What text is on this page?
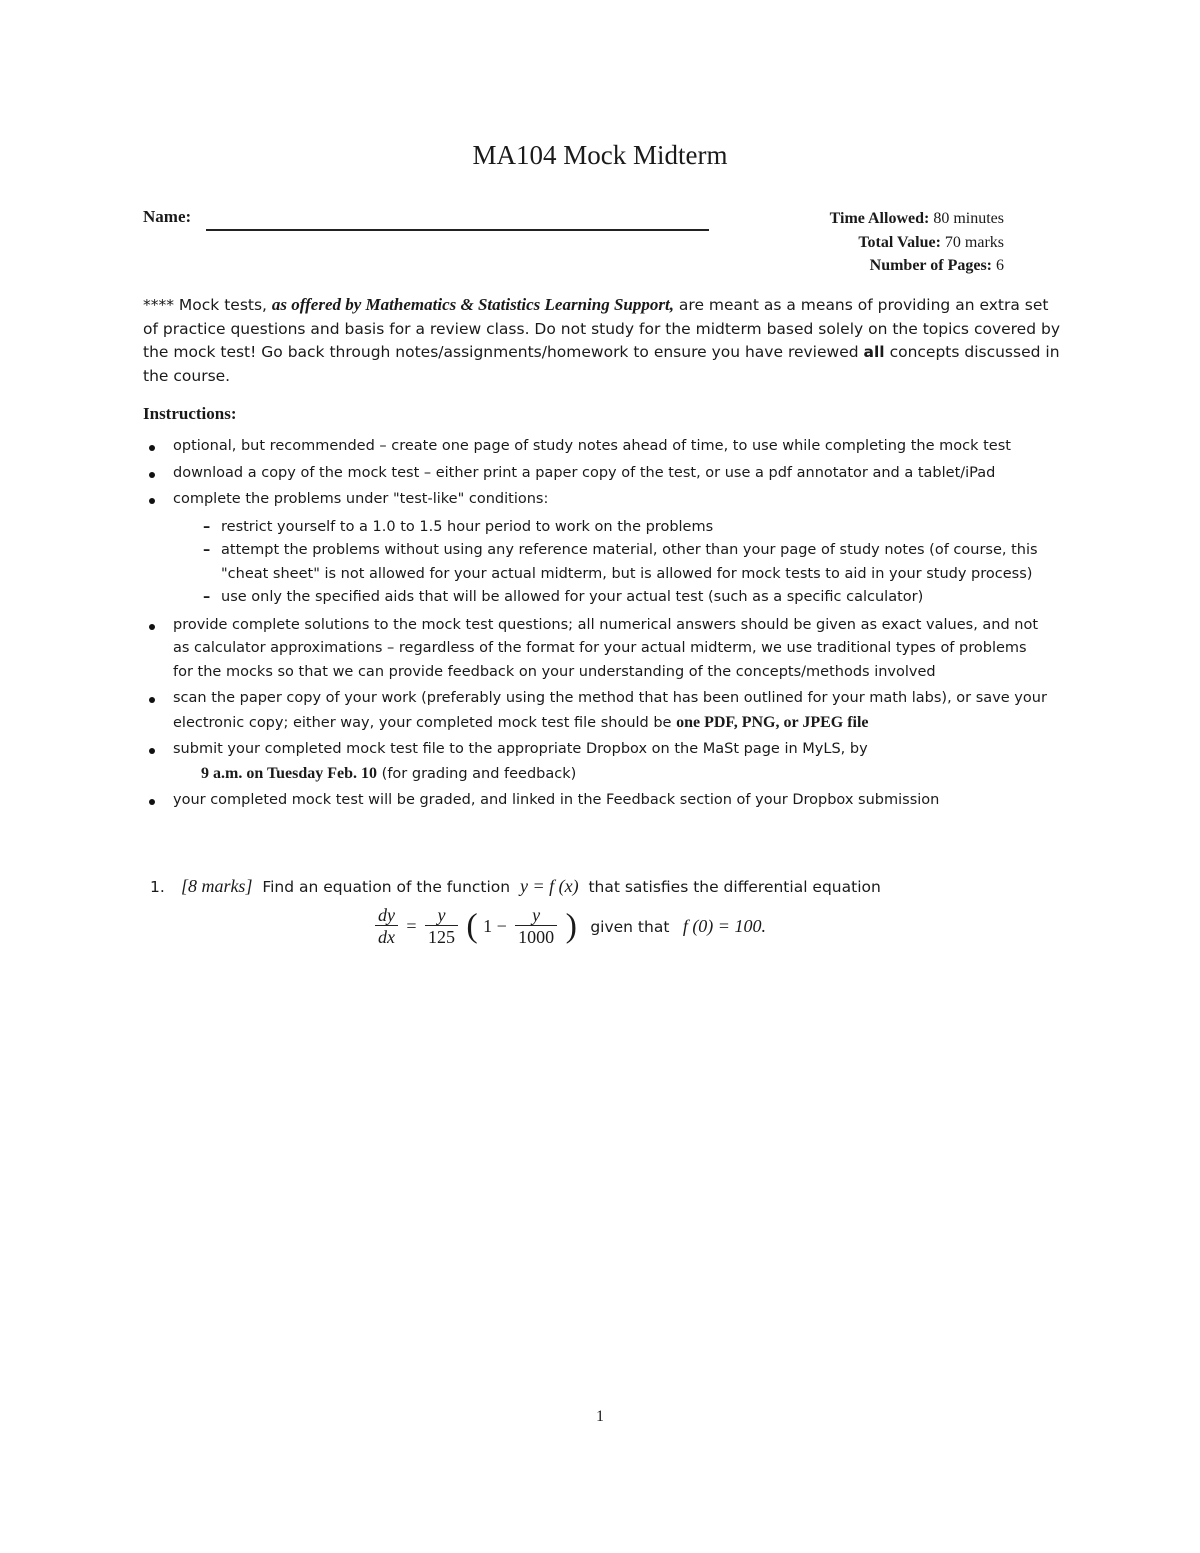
MA104 Mock Midterm
Name:	Time Allowed: 80 minutes
Total Value: 70 marks
Number of Pages: 6
**** Mock tests, as offered by Mathematics & Statistics Learning Support, are meant as a means of providing an extra set of practice questions and basis for a review class. Do not study for the midterm based solely on the topics covered by the mock test! Go back through notes/assignments/homework to ensure you have reviewed all concepts discussed in the course.
Instructions:
optional, but recommended – create one page of study notes ahead of time, to use while completing the mock test
download a copy of the mock test – either print a paper copy of the test, or use a pdf annotator and a tablet/iPad
complete the problems under "test-like" conditions:
– restrict yourself to a 1.0 to 1.5 hour period to work on the problems
– attempt the problems without using any reference material, other than your page of study notes (of course, this "cheat sheet" is not allowed for your actual midterm, but is allowed for mock tests to aid in your study process)
– use only the specified aids that will be allowed for your actual test (such as a specific calculator)
provide complete solutions to the mock test questions; all numerical answers should be given as exact values, and not as calculator approximations – regardless of the format for your actual midterm, we use traditional types of problems for the mocks so that we can provide feedback on your understanding of the concepts/methods involved
scan the paper copy of your work (preferably using the method that has been outlined for your math labs), or save your electronic copy; either way, your completed mock test file should be one PDF, PNG, or JPEG file
submit your completed mock test file to the appropriate Dropbox on the MaSt page in MyLS, by
9 a.m. on Tuesday Feb. 10 (for grading and feedback)
your completed mock test will be graded, and linked in the Feedback section of your Dropbox submission
1. [8 marks] Find an equation of the function y = f (x) that satisfies the differential equation
$\frac{dy}{dx} = \frac{y}{125}$ ( $1 - \frac{y}{1000}$ ) given that f (0) = 100.
1
